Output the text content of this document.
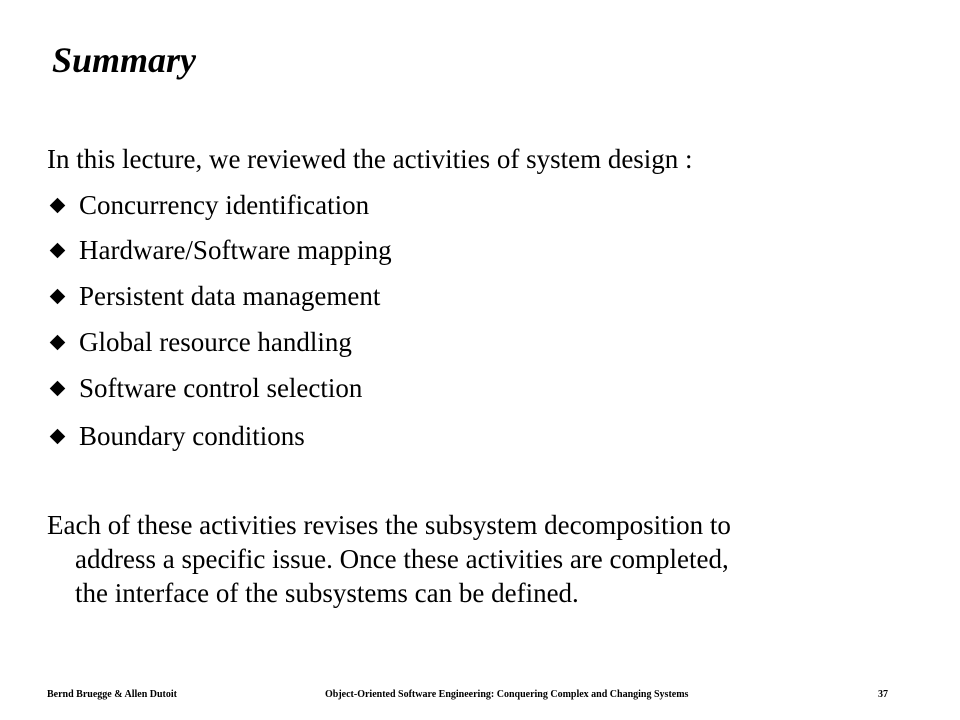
Summary
In this lecture, we reviewed the activities of system design :
Concurrency identification
Hardware/Software mapping
Persistent data management
Global resource handling
Software control selection
Boundary conditions
Each of these activities revises the subsystem decomposition to
address a specific issue. Once these activities are completed,
the interface of the subsystems can be defined.
Bernd Bruegge & Allen Dutoit	Object-Oriented Software Engineering: Conquering Complex and Changing Systems	37
